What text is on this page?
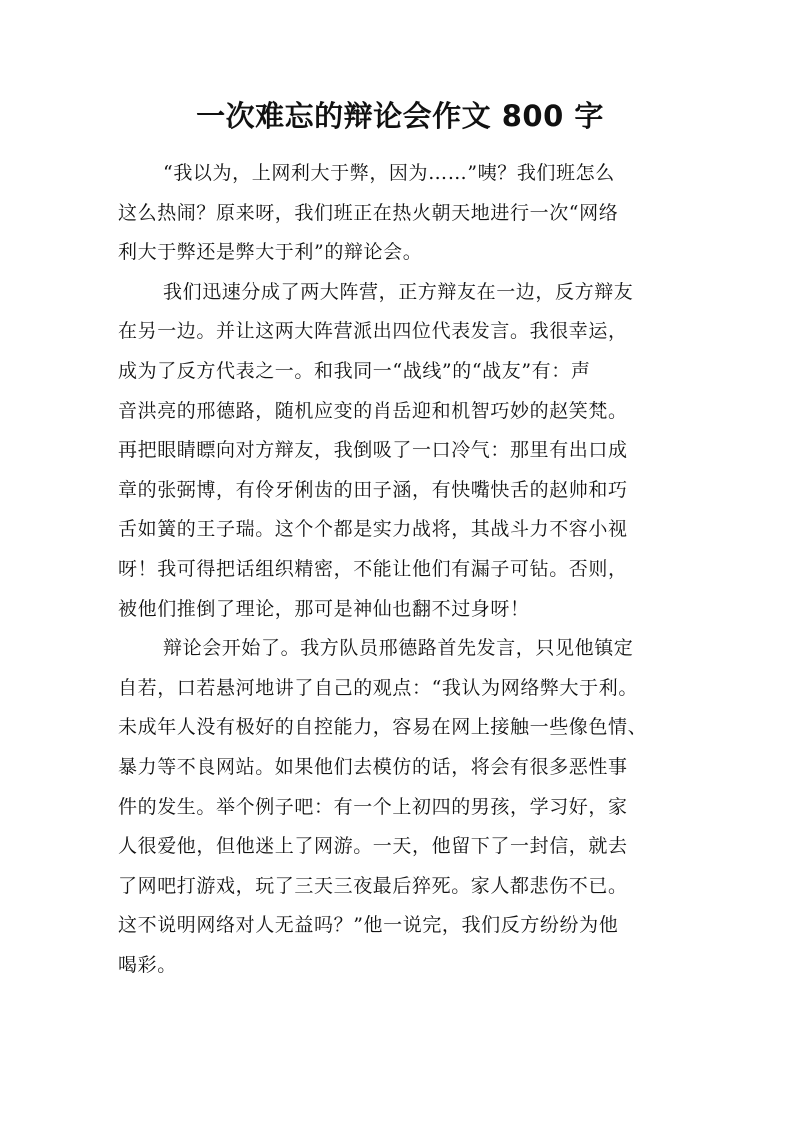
一次难忘的辩论会作文 800 字
“我以为，上网利大于弊，因为……”咦？我们班怎么
这么热闹？原来呀，我们班正在热火朝天地进行一次“网络
利大于弊还是弊大于利”的辩论会。
我们迅速分成了两大阵营，正方辩友在一边，反方辩友
在另一边。并让这两大阵营派出四位代表发言。我很幸运，
成为了反方代表之一。和我同一“战线”的“战友”有：声
音洪亮的邢德路，随机应变的肖岳迎和机智巧妙的赵笑梵。
再把眼睛瞟向对方辩友，我倒吸了一口冷气：那里有出口成
章的张弼博，有伶牙俐齿的田子涵，有快嘴快舌的赵帅和巧
舌如簧的王子瑞。这个个都是实力战将，其战斗力不容小视
呀！我可得把话组织精密，不能让他们有漏子可钻。否则，
被他们推倒了理论，那可是神仙也翻不过身呀！
辩论会开始了。我方队员邢德路首先发言，只见他镇定
自若，口若悬河地讲了自己的观点：“我认为网络弊大于利。
未成年人没有极好的自控能力，容易在网上接触一些像色情、
暴力等不良网站。如果他们去模仿的话，将会有很多恶性事
件的发生。举个例子吧：有一个上初四的男孩，学习好，家
人很爱他，但他迷上了网游。一天，他留下了一封信，就去
了网吧打游戏，玩了三天三夜最后猝死。家人都悲伤不已。
这不说明网络对人无益吗？”他一说完，我们反方纷纷为他
喝彩。
